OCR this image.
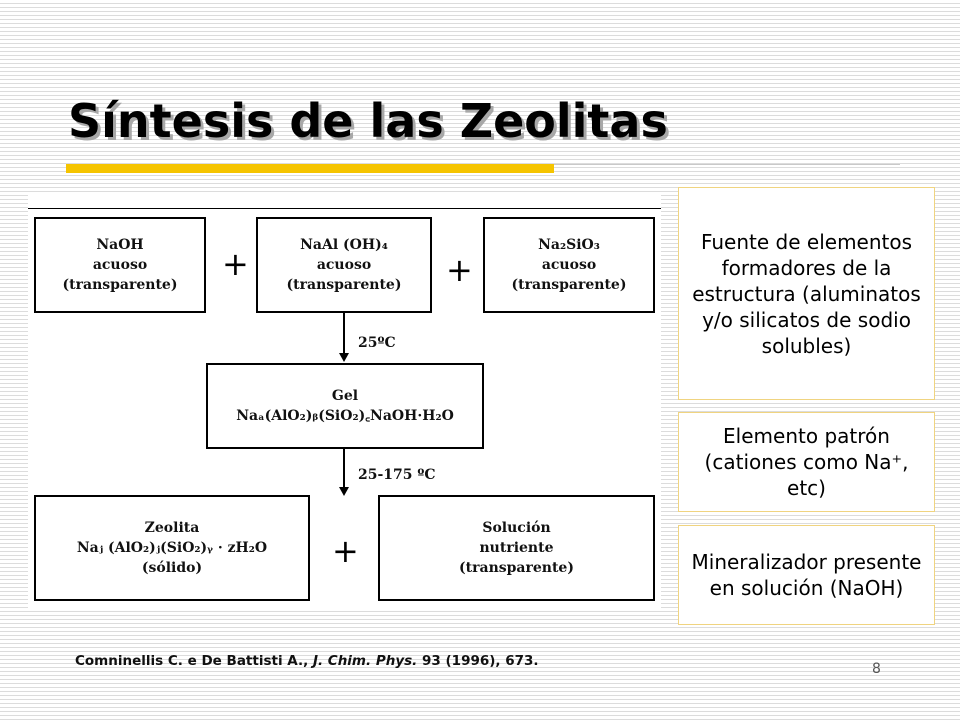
Síntesis de las Zeolitas
NaOH
acuoso
(transparente)
+	NaAl (OH)₄
acuoso
(transparente) +
Na₂SiO₃
acuoso
(transparente)
25ºC
Gel
Naₐ(AlO₂)ᵦ(SiO₂)꜀NaOH·H₂O
25-175 ºC
Zeolita
Naⱼ (AlO₂)ⱼ(SiO₂)ᵧ · zH₂O
(sólido)	+
Solución
nutriente
(transparente)
Fuente de elementos formadores de la estructura (aluminatos y/o silicatos de sodio solubles)
Elemento patrón (cationes como Na⁺, etc)
Mineralizador presente en solución (NaOH)
Comninellis C. e De Battisti A., J. Chim. Phys. 93 (1996), 673.	8
